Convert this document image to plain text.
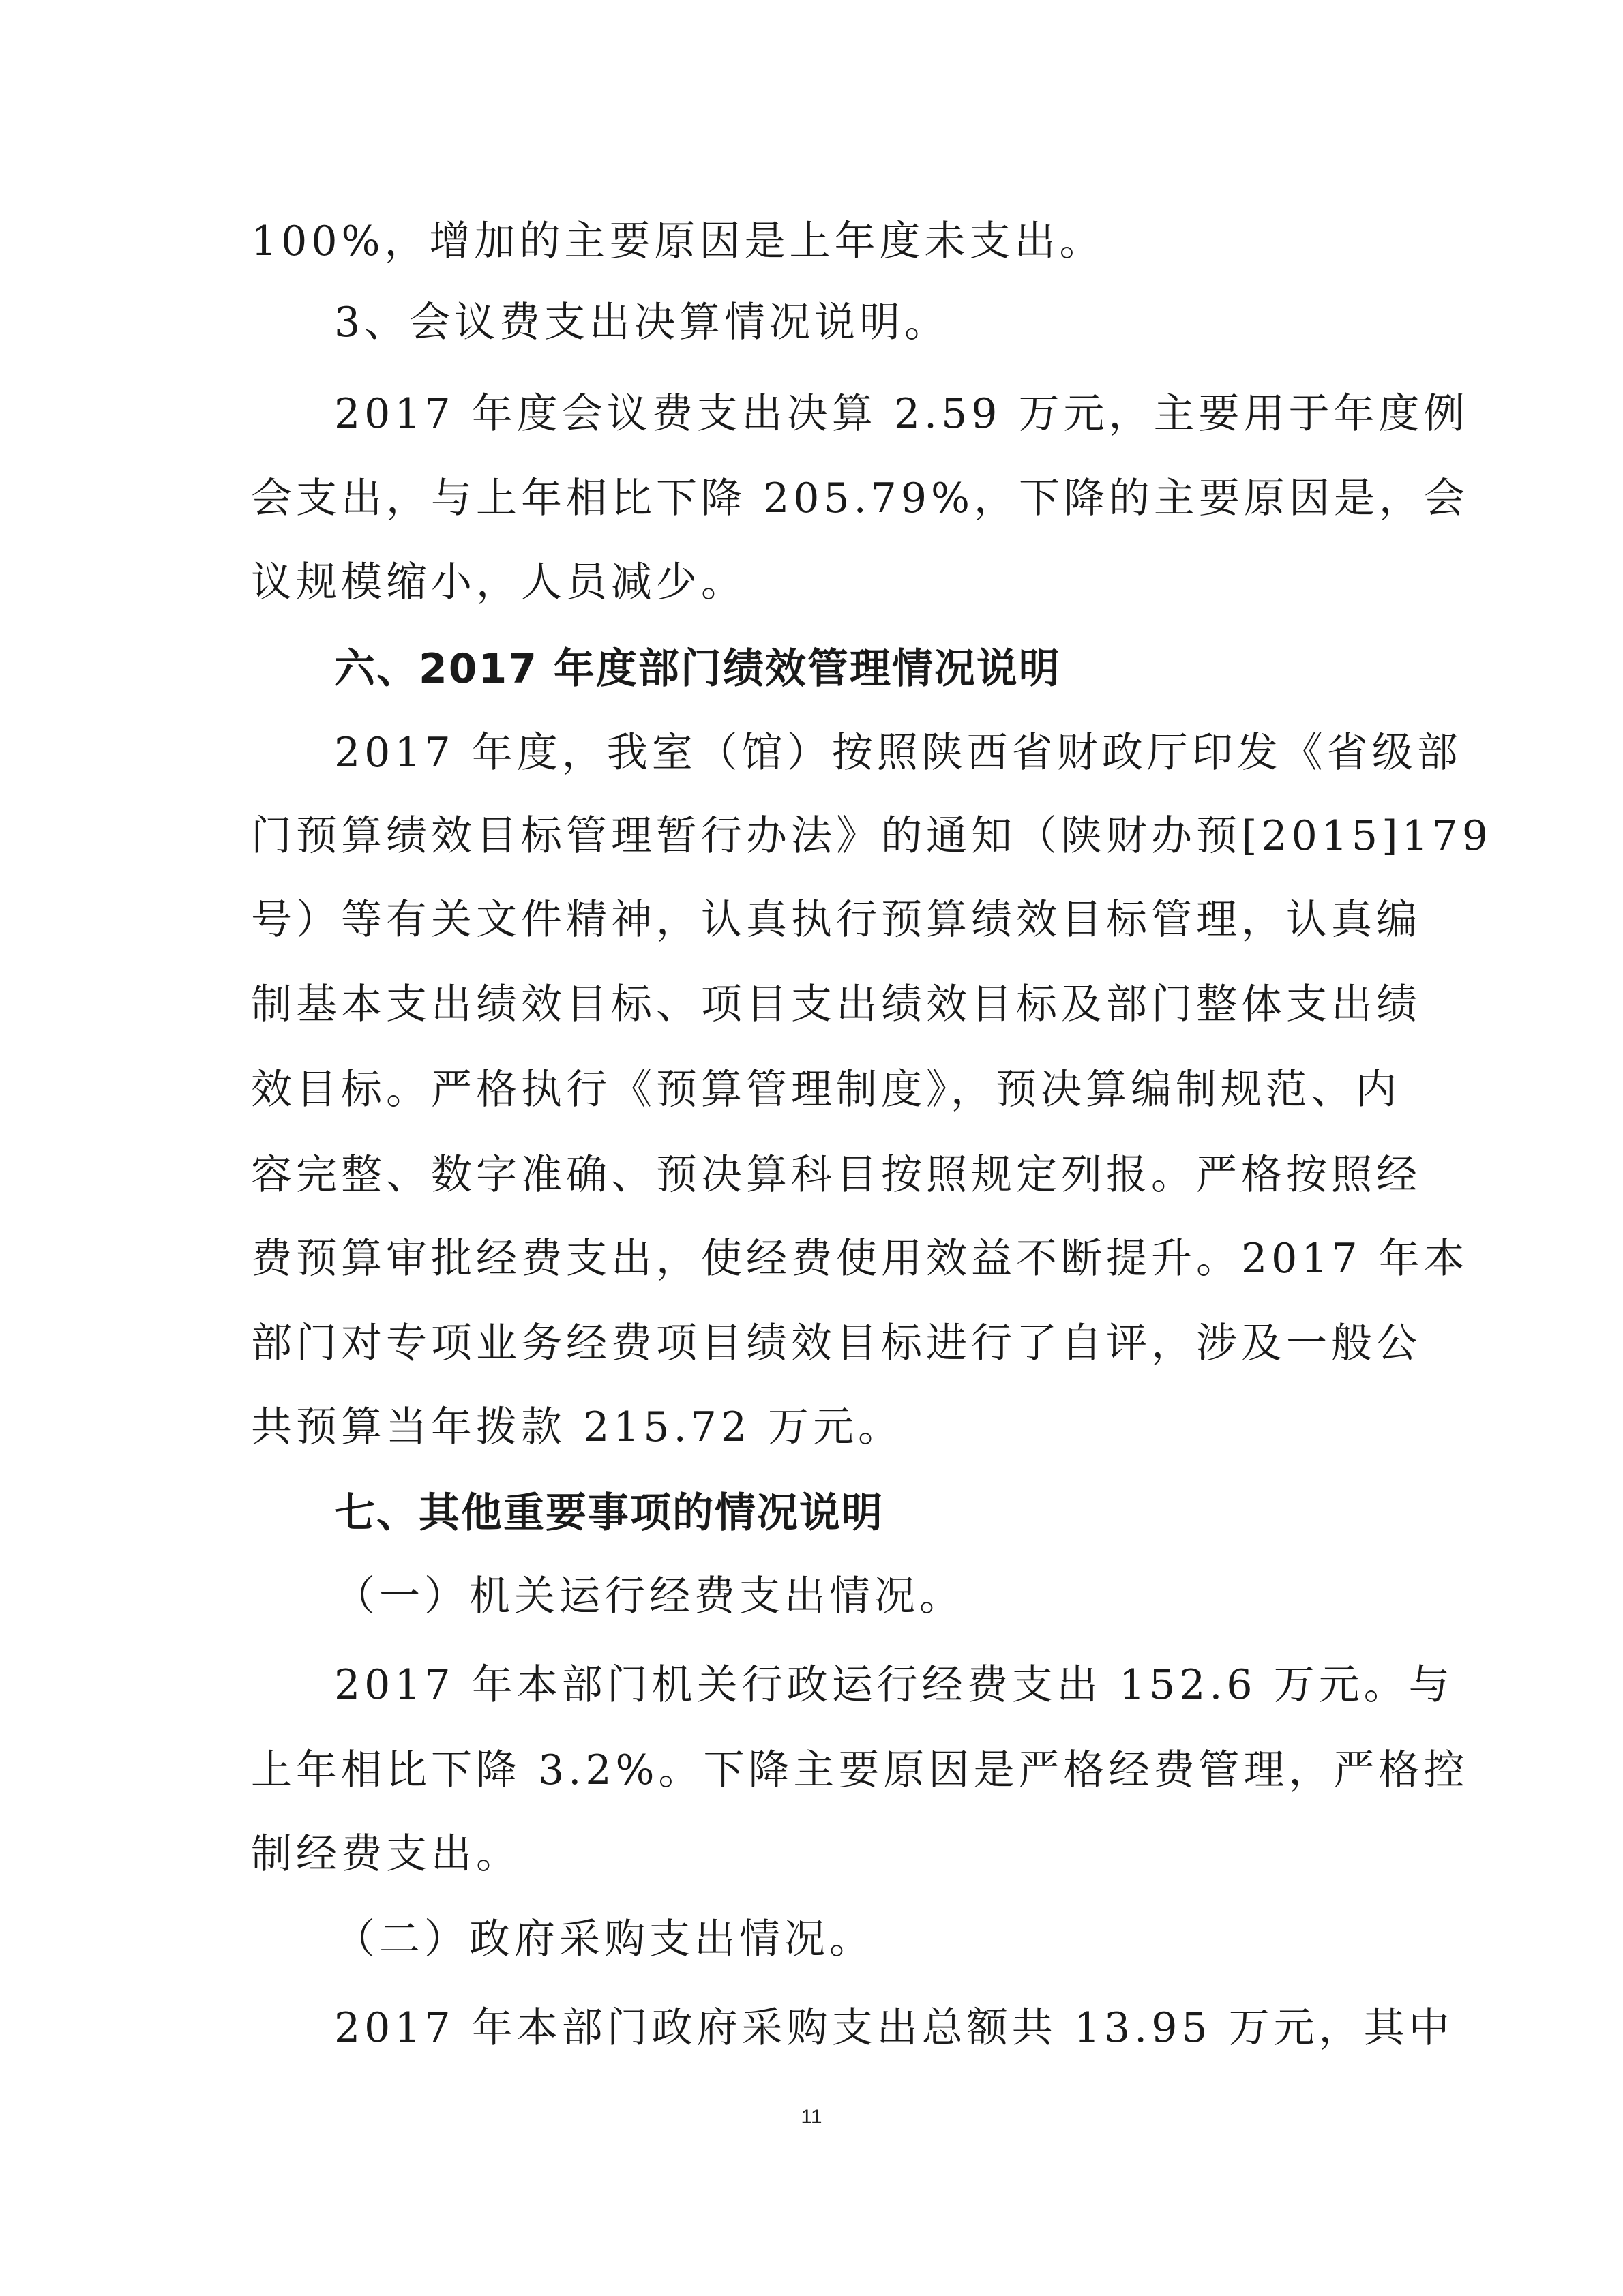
100%，增加的主要原因是上年度未支出。
3、会议费支出决算情况说明。
2017 年度会议费支出决算 2.59 万元，主要用于年度例
会支出，与上年相比下降 205.79%，下降的主要原因是，会
议规模缩小，人员减少。
六、2017 年度部门绩效管理情况说明
2017 年度，我室（馆）按照陕西省财政厅印发《省级部
门预算绩效目标管理暂行办法》的通知（陕财办预[2015]179
号）等有关文件精神，认真执行预算绩效目标管理，认真编
制基本支出绩效目标、项目支出绩效目标及部门整体支出绩
效目标。严格执行《预算管理制度》，预决算编制规范、内
容完整、数字准确、预决算科目按照规定列报。严格按照经
费预算审批经费支出，使经费使用效益不断提升。2017 年本
部门对专项业务经费项目绩效目标进行了自评，涉及一般公
共预算当年拨款 215.72 万元。
七、其他重要事项的情况说明
（一）机关运行经费支出情况。
2017 年本部门机关行政运行经费支出 152.6 万元。与
上年相比下降 3.2%。下降主要原因是严格经费管理，严格控
制经费支出。
（二）政府采购支出情况。
2017 年本部门政府采购支出总额共 13.95 万元，其中
11
